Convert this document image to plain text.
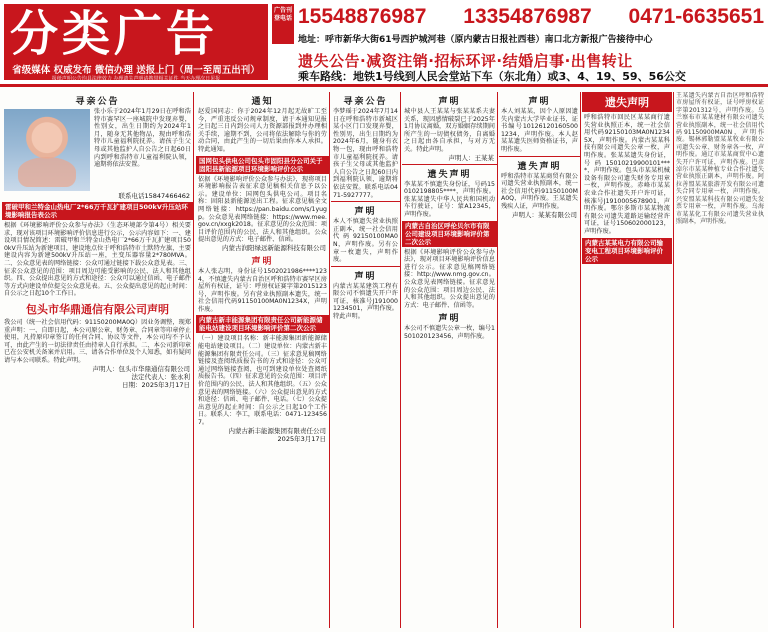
分类广告
省级媒体 权威发布 微信办理 送报上门（周一至周五出刊）
报纸声明公告均具法律效力 办理遗失声明请携带相关证件 当天办理次日见报
广告刊登电话 15548876987 13354876987 0471-6635651
地址：呼市新华大街61号西护城河巷（原内蒙古日报社西巷）南口北方新报广告接待中心
遗失公告·减资注销·招标环评·结婚启事·出售转让
乘车路线：地铁1号线到人民会堂站下车（东北角）或3、4、19、59、56公交
寻亲公告
张小乐于2024年1月29日在呼和浩特市赛罕区一座城院中发现弃婴，性别女，出生日期约为2024年1月，随身无其他物品，现由呼和浩特市儿童福利院抚养。请孩子生父母或其他监护人自公告之日起60日内到呼和浩特市儿童福利院认领，逾期将依法安置。
联系电话15847466462
雷破甲和兰特金山热电厂2*66万千瓦扩建项目500kV升压站环境影响报告表公示
根据《环境影响评价公众参与办法》（生态环境部令第4号）相关要求，现对该项目环境影响评价信息进行公示，公示内容如下：一、建设项目情况简述：雷破甲和兰特金山热电厂2*66万千瓦扩建项目500kV升压站为新建项目，建设地点位于呼和浩特市土默特左旗，主要建设内容为新建500kV升压站一座，主变压器容量2*780MVA。二、公众意见表的网络链接：公众可通过链接下载公众意见表。三、征求公众意见的范围：项目周边可能受影响的公民、法人和其他组织。四、公众提出意见的方式和途径：公众可以通过信函、电子邮件等方式向建设单位提交公众意见表。五、公众提出意见的起止时间：自公示之日起10个工作日。
包头市华鼎通信有限公司声明
我公司（统一社会信用代码：91150200MA0Q）因业务调整，现郑重声明：一、自即日起，本公司原公章、财务章、合同章等印章停止使用，凡持原印章签订的任何合同、协议等文件，本公司均不予认可，由此产生的一切法律责任由持章人自行承担。二、本公司新印章已在公安机关备案并启用。三、请各合作单位及个人知悉，如有疑问请与本公司联系。特此声明。
声明人：包头市华鼎通信有限公司
法定代表人：张永利
日期：2025年3月17日
通知
赵爱国同志：你于2024年12月起无故旷工至今，严重违反公司规章制度，请于本通知见报之日起三日内到公司人力资源部报到并办理相关手续，逾期不到，公司将依法解除与你的劳动合同，由此产生的一切后果由你本人承担。特此通知。
国网包头供电公司包头市固阳县分公司关于固阳县新能源项目环境影响评价公示
依据《环境影响评价公众参与办法》，现将项目环境影响报告表征求意见稿相关信息予以公示。建设单位：国网包头供电公司。项目名称：固阳县新能源送出工程。征求意见稿全文网络链接：https://pan.baidu.com/s/1yugp。公众意见表网络链接：https://www.mee.gov.cn/xxgk2018。征求意见的公众范围：项目评价范围内的公民、法人和其他组织。公众提出意见的方式：电子邮件、信函。
内蒙古润阳绿远新能源科技有限公司
声明
本人张志明，身份证号1502021986****1234，不慎遗失内蒙古自治区呼和浩特市赛罕区房屋所有权证，证号：呼房权证赛字第2015123号，声明作废。另有营业执照副本遗失，统一社会信用代码91150100MA0N1234X，声明作废。
内蒙古新丰能源集团有限责任公司新能源储能电站建设项目环境影响评价第二次公示
（一）建设项目名称：新丰能源集团新能源储能电站建设项目。（二）建设单位：内蒙古新丰能源集团有限责任公司。（三）征求意见稿网络链接及查阅纸质报告书的方式和途径：公众可通过网络链接查阅，也可到建设单位处查阅纸质报告书。（四）征求意见的公众范围：项目评价范围内的公民、法人和其他组织。（五）公众意见表的网络链接。（六）公众提出意见的方式和途径：信函、电子邮件、电话。（七）公众提出意见的起止时间：自公示之日起10个工作日。联系人：李工，联系电话：0471-1234567。
内蒙古新丰能源集团有限责任公司
2025年3月17日
寻亲公告
李梦瑶于2024年7月14日在呼和浩特市新城区某小区门口发现弃婴，性别男，出生日期约为2024年6月，随身有衣物一包，现由呼和浩特市儿童福利院抚养。请孩子生父母或其他监护人自公告之日起60日内到福利院认领，逾期将依法安置。联系电话0471-5927777。
声明
本人不慎遗失营业执照正副本，统一社会信用代码92150100MA0N，声明作废。另有公章一枚遗失，声明作废。
声明
内蒙古某某建筑工程有限公司不慎遗失开户许可证，核准号J1910001234501，声明作废。特此声明。
声明
城中县人王某某与张某某系夫妻关系，现因感情破裂已于2025年1月协议离婚，双方婚姻存续期间所产生的一切债权债务，自离婚之日起由各自承担，与对方无关。特此声明。
声明人：王某某
遗失声明
李某某不慎遗失身份证，号码150102198805****，声明作废。张某某遗失中华人民共和国机动车行驶证，证号：蒙A12345，声明作废。
内蒙古自治区呼伦贝尔市有限公司建设项目环境影响评价第二次公示
根据《环境影响评价公众参与办法》，现对项目环境影响评价信息进行公示。征求意见稿网络链接：http://www.nmg.gov.cn。公众意见表网络链接。征求意见的公众范围：项目周边公民、法人和其他组织。公众提出意见的方式：电子邮件、信函等。
声明
本公司不慎遗失公章一枚，编号1501020123456，声明作废。
声明
本人刘某某，因个人原因遗失内蒙古大学毕业证书，证书编号101261201605001234，声明作废。本人赵某某遗失医师资格证书，声明作废。
遗失声明
呼和浩特市某某商贸有限公司遗失营业执照副本，统一社会信用代码91150100MA0Q，声明作废。王某遗失残疾人证，声明作废。
声明人：某某有限公司
遗失声明
呼和浩特市回民区某某商行遗失营业执照正本，统一社会信用代码92150103MA0N12345X，声明作废。内蒙古某某科技有限公司遗失公章一枚，声明作废。张某某遗失身份证，号码15010219900101****，声明作废。包头市某某机械设备有限公司遗失财务专用章一枚，声明作废。赤峰市某某农业合作社遗失开户许可证，核准号J1910005678901，声明作废。鄂尔多斯市某某物流有限公司遗失道路运输经营许可证，证号150602000123，声明作废。
内蒙古某某电力有限公司输变电工程项目环境影响评价公示
王某遗失内蒙古自治区呼和浩特市房屋所有权证，证号呼房权证字第201312号，声明作废。乌兰察布市某某建材有限公司遗失营业执照副本，统一社会信用代码91150900MA0N，声明作废。锡林郭勒盟某某牧业有限公司遗失公章、财务章各一枚，声明作废。通辽市某某商贸中心遗失开户许可证，声明作废。巴彦淖尔市某某种植专业合作社遗失营业执照正副本，声明作废。阿拉善盟某某旅游开发有限公司遗失合同专用章一枚，声明作废。兴安盟某某科技有限公司遗失发票专用章一枚，声明作废。乌海市某某化工有限公司遗失营业执照副本，声明作废。
